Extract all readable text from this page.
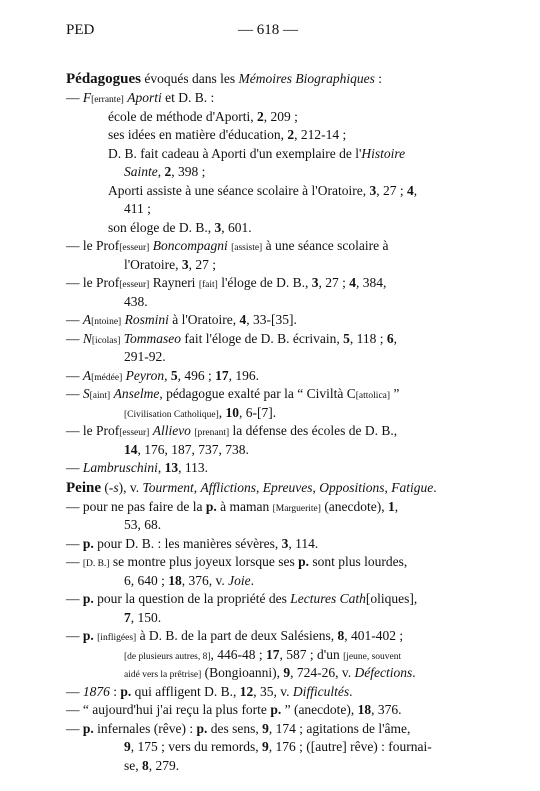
PED	— 618 —
Pédagogues évoqués dans les Mémoires Biographiques :
— F[errante] Aporti et D. B. :
école de méthode d'Aporti, 2, 209 ;
ses idées en matière d'éducation, 2, 212-14 ;
D. B. fait cadeau à Aporti d'un exemplaire de l'Histoire
Sainte, 2, 398 ;
Aporti assiste à une séance scolaire à l'Oratoire, 3, 27 ; 4,
411 ;
son éloge de D. B., 3, 601.
— le Prof[esseur] Boncompagni [assiste] à une séance scolaire à
l'Oratoire, 3, 27 ;
— le Prof[esseur] Rayneri [fait] l'éloge de D. B., 3, 27 ; 4, 384,
438.
— A[ntoine] Rosmini à l'Oratoire, 4, 33-[35].
— N[icolas] Tommaseo fait l'éloge de D. B. écrivain, 5, 118 ; 6,
291-92.
— A[médée] Peyron, 5, 496 ; 17, 196.
— S[aint] Anselme, pédagogue exalté par la “ Civiltà C[attolica] ”
[Civilisation Catholique], 10, 6-[7].
— le Prof[esseur] Allievo [prenant] la défense des écoles de D. B.,
14, 176, 187, 737, 738.
— Lambruschini, 13, 113.
Peine (-s), v. Tourment, Afflictions, Epreuves, Oppositions, Fatigue.
— pour ne pas faire de la p. à maman [Marguerite] (anecdote), 1,
53, 68.
— p. pour D. B. : les manières sévères, 3, 114.
— [D. B.] se montre plus joyeux lorsque ses p. sont plus lourdes,
6, 640 ; 18, 376, v. Joie.
— p. pour la question de la propriété des Lectures Cath[oliques],
7, 150.
— p. [infligées] à D. B. de la part de deux Salésiens, 8, 401-402 ;
[de plusieurs autres, 8], 446-48 ; 17, 587 ; d'un [jeune, souvent
aidé vers la prêtrise] (Bongioanni), 9, 724-26, v. Défections.
— 1876 : p. qui affligent D. B., 12, 35, v. Difficultés.
— “ aujourd'hui j'ai reçu la plus forte p. ” (anecdote), 18, 376.
— p. infernales (rêve) : p. des sens, 9, 174 ; agitations de l'âme,
9, 175 ; vers du remords, 9, 176 ; ([autre] rêve) : fournai-
se, 8, 279.
